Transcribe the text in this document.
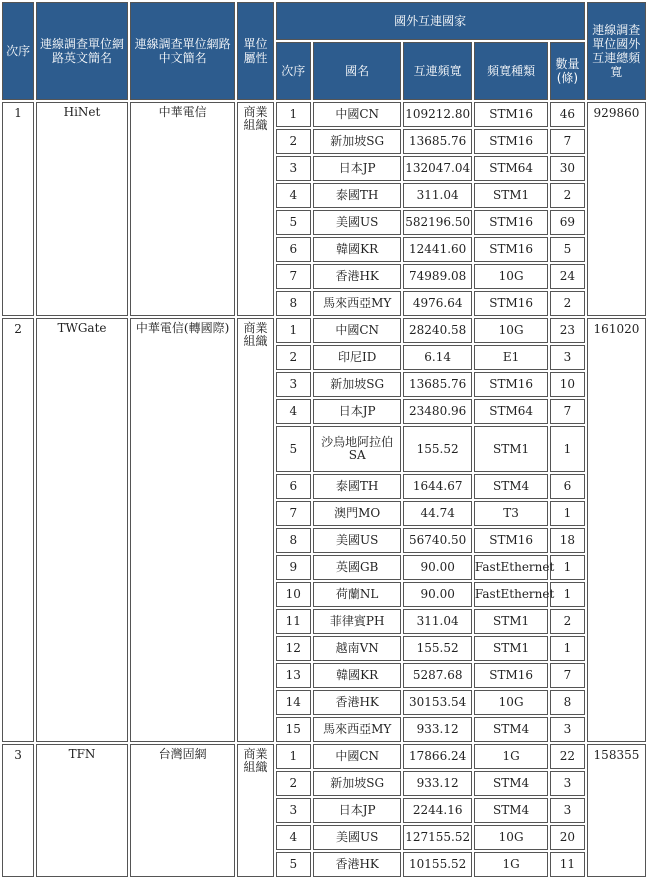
次序	連線調查單位網路英文簡名	連線調查單位網路中文簡名	單位屬性	國外互連國家					連線調查單位國外互連總頻寬
				次序	國名	互連頻寬	頻寬種類	數量(條)	
1	HiNet	中華電信	商業組織	1	中國CN	109212.80	STM16	46	929860
				2	新加坡SG	13685.76	STM16	7	
				3	日本JP	132047.04	STM64	30	
				4	泰國TH	311.04	STM1	2	
				5	美國US	582196.50	STM16	69	
				6	韓國KR	12441.60	STM16	5	
				7	香港HK	74989.08	10G	24	
				8	馬來西亞MY	4976.64	STM16	2	
2	TWGate	中華電信(轉國際)	商業組織	1	中國CN	28240.58	10G	23	161020
				2	印尼ID	6.14	E1	3	
				3	新加坡SG	13685.76	STM16	10	
				4	日本JP	23480.96	STM64	7	
				5	沙烏地阿拉伯SA	155.52	STM1	1	
				6	泰國TH	1644.67	STM4	6	
				7	澳門MO	44.74	T3	1	
				8	美國US	56740.50	STM16	18	
				9	英國GB	90.00	FastEthernet	1	
				10	荷蘭NL	90.00	FastEthernet	1	
				11	菲律賓PH	311.04	STM1	2	
				12	越南VN	155.52	STM1	1	
				13	韓國KR	5287.68	STM16	7	
				14	香港HK	30153.54	10G	8	
				15	馬來西亞MY	933.12	STM4	3	
3	TFN	台灣固網	商業組織	1	中國CN	17866.24	1G	22	158355
				2	新加坡SG	933.12	STM4	3	
				3	日本JP	2244.16	STM4	3	
				4	美國US	127155.52	10G	20	
				5	香港HK	10155.52	1G	11	
